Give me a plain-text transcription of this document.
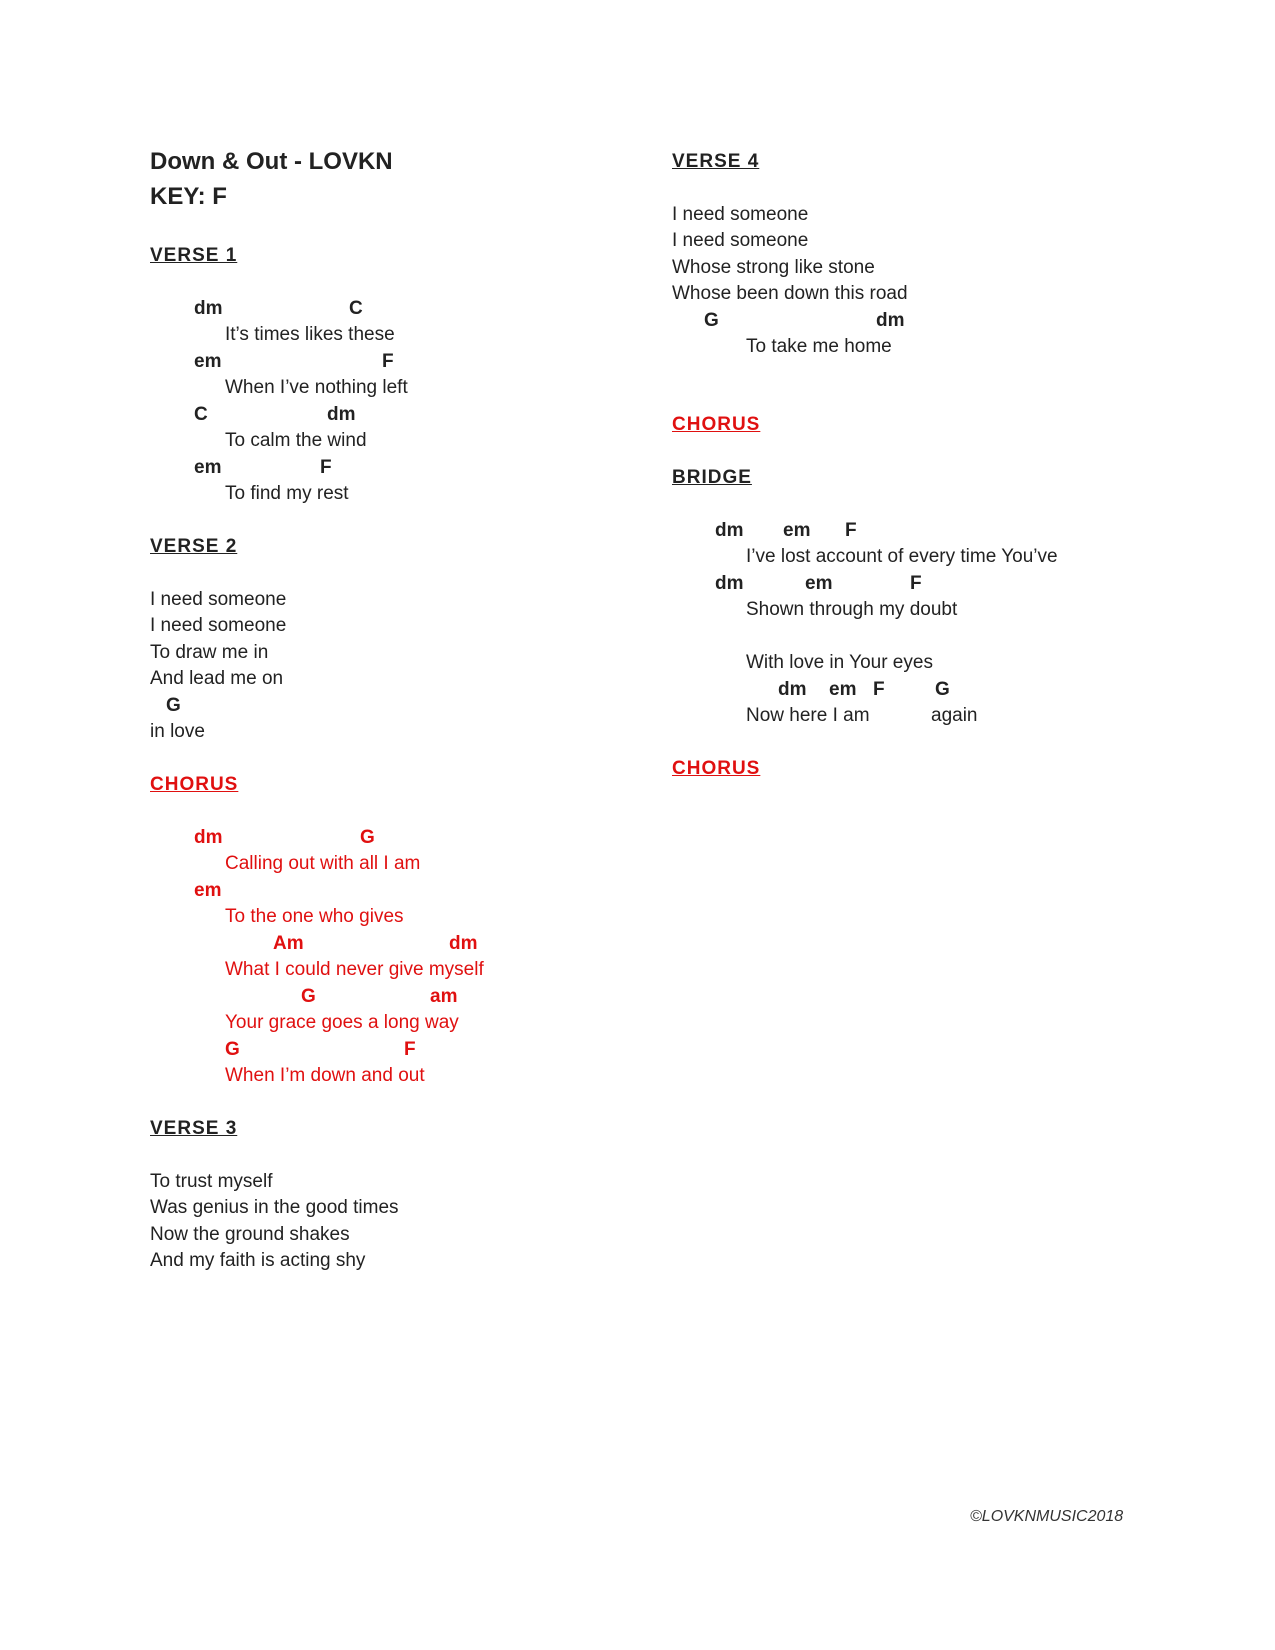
Down & Out - LOVKN
KEY: F
VERSE 1
dm	C
It’s times likes these
em	F
When I’ve nothing left
C	dm
To calm the wind
em	F
To find my rest
VERSE 2
I need someone
I need someone
To draw me in
And lead me on
G
in love
CHORUS
dm	G
Calling out with all I am
em
To the one who gives
Am	dm
What I could never give myself
G	am
Your grace goes a long way
G	F
When I’m down and out
VERSE 3
To trust myself
Was genius in the good times
Now the ground shakes
And my faith is acting shy
VERSE 4
I need someone
I need someone
Whose strong like stone
Whose been down this road
G	dm
To take me home
CHORUS
BRIDGE
dm em F
I’ve lost account of every time You’ve
dm	em	F
Shown through my doubt
With love in Your eyes
dm em F	G
Now here I am	again
CHORUS
©LOVKNMUSIC2018
